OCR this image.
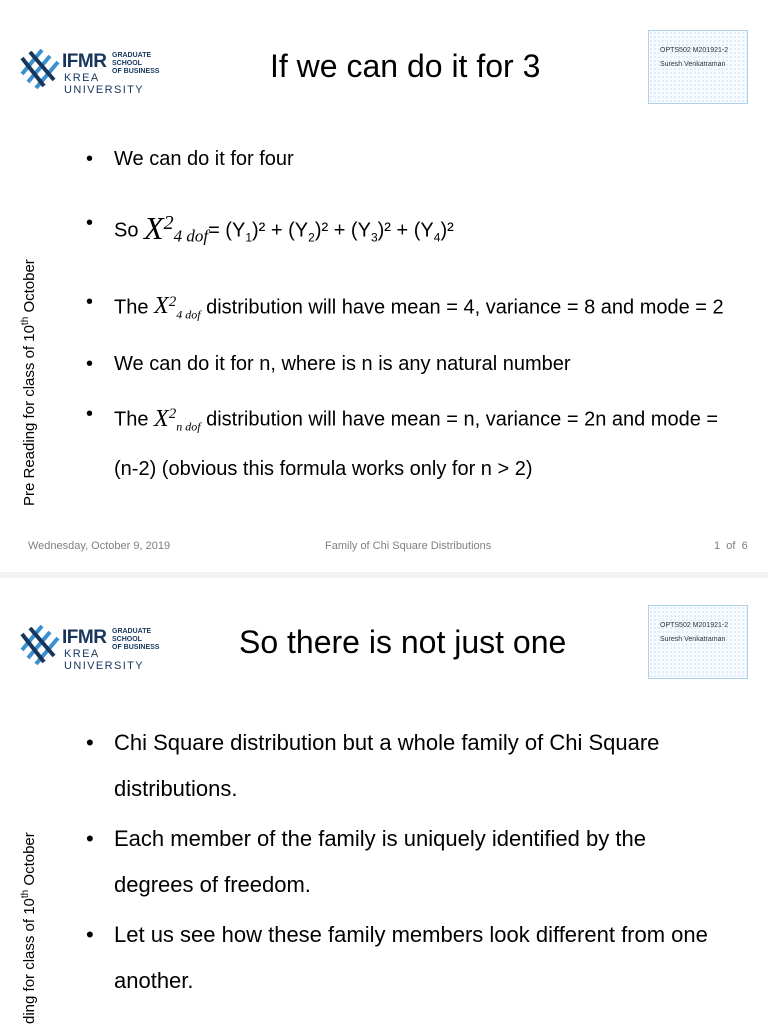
IFMR GRADUATE SCHOOL
OF BUSINESS
KREA UNIVERSITY
If we can do it for 3	OPTS502 M201921-2
Suresh Venkatraman
Pre Reading for class of 10th October
• We can do it for four
• So $X^2_{4 dof}= (Y_1)^2 + (Y_2)^2 + (Y_3)^2 + (Y_4)^2$
• The $X^2_{4 dof}$ distribution will have mean = 4, variance = 8 and mode = 2
• We can do it for n, where is n is any natural number
• The $X^2_{n dof}$ distribution will have mean = n, variance = 2n and mode = (n-2) (obvious this formula works only for n > 2)
Wednesday, October 9, 2019	Family of Chi Square Distributions	1 of 6
IFMR GRADUATE SCHOOL
OF BUSINESS
KREA UNIVERSITY
So there is not just one	OPTS502 M201921-2
Suresh Venkatraman
ding for class of 10th October
• Chi Square distribution but a whole family of Chi Square distributions.
• Each member of the family is uniquely identified by the degrees of freedom.
• Let us see how these family members look different from one another.
